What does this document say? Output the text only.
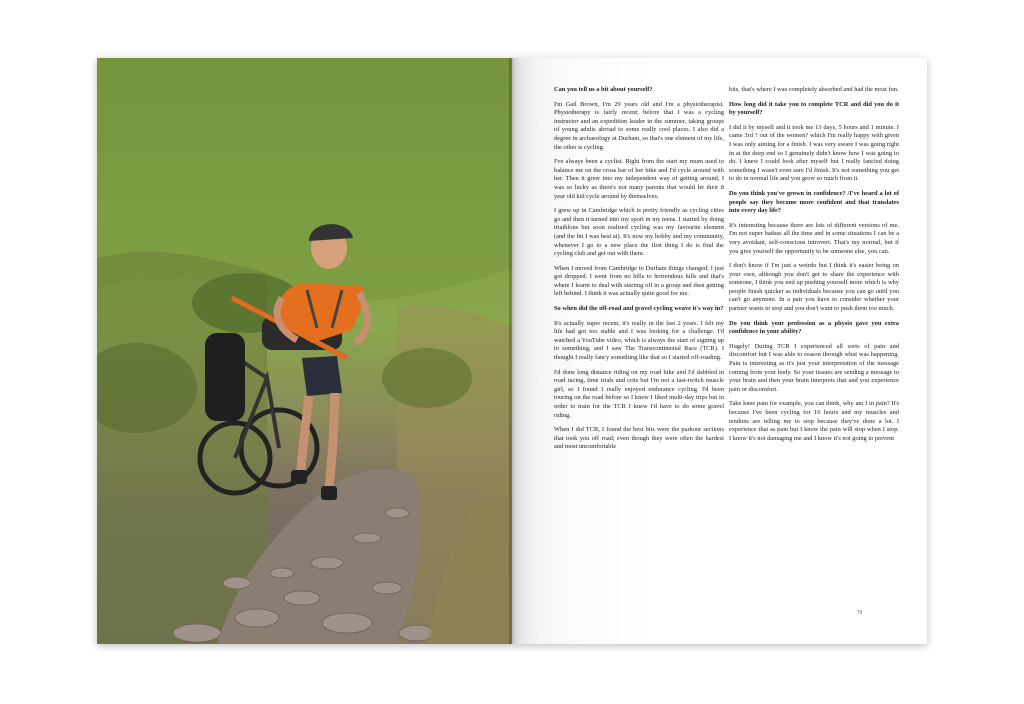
Can you tell us a bit about yourself?

I'm Gail Brown, I'm 29 years old and I'm a physiotherapist. Physiotherapy is fairly recent; before that I was a cycling instructor and an expedition leader in the summer, taking groups of young adults abroad to some really cool places. I also did a degree in archaeology at Durham, so that's one element of my life, the other is cycling.

I've always been a cyclist. Right from the start my mum used to balance me on the cross bar of her bike and I'd cycle around with her. Then it grew into my independent way of getting around, I was so lucky as there's not many parents that would let their 8 year old kid cycle around by themselves.

I grew up in Cambridge which is pretty friendly as cycling cities go and then it turned into my sport in my teens. I started by doing triathlons but soon realised cycling was my favourite element (and the bit I was best at). It's now my hobby and my community, whenever I go to a new place the first thing I do is find the cycling club and get out with them.

When I moved from Cambridge to Durham things changed; I just got dropped. I went from no hills to horrendous hills and that's where I learnt to deal with starting off in a group and then getting left behind. I think it was actually quite good for me.

So when did the off-road and gravel cycling weave it's way in?

It's actually super recent, it's really in the last 2 years. I felt my life had got too stable and I was looking for a challenge. I'd watched a YouTube video, which is always the start of signing up to something, and I saw The Transcontinental Race (TCR). I thought I really fancy something like that so I started off-roading.

I'd done long distance riding on my road bike and I'd dabbled in road racing, time trials and crits but I'm not a fast-twitch muscle girl, so I found I really enjoyed endurance cycling. I'd been touring on the road before so I knew I liked multi-day trips but in order to train for the TCR I knew I'd have to do some gravel riding.

When I did TCR, I found the best bits were the parkour sections that took you off road; even though they were often the hardest and most uncomfortable

bits, that's where I was completely absorbed and had the most fun.

How long did it take you to complete TCR and did you do it by yourself?

I did it by myself and it took me 13 days, 5 hours and 1 minute. I came 3rd ? out of the women? which I'm really happy with given I was only aiming for a finish. I was very aware I was going right in at the deep end so I genuinely didn't know how I was going to do. I knew I could look after myself but I really fancied doing something I wasn't even sure I'd finish. It's not something you get to do in normal life and you grow so much from it.

Do you think you've grown in confidence? /I've heard a lot of people say they become more confident and that translates into every day life?

It's interesting because there are lots of different versions of me. I'm not super badass all the time and in some situations I can be a very avoidant, self-conscious introvert. That's my normal, but if you give yourself the opportunity to be someone else, you can.

I don't know if I'm just a weirdo but I think it's easier being on your own, although you don't get to share the experience with someone, I think you end up pushing yourself more which is why people finish quicker as individuals because you can go until you can't go anymore. In a pair you have to consider whether your partner wants to stop and you don't want to push them too much.

Do you think your profession as a physio gave you extra confidence in your ability?

Hugely! During TCR I experienced all sorts of pain and discomfort but I was able to reason through what was happening. Pain is interesting as it's just your interpretation of the message coming from your body. So your tissues are sending a message to your brain and then your brain interprets that and you experience pain or discomfort.

Take knee pain for example, you can think, why am I in pain? It's because I've been cycling for 16 hours and my muscles and tendons are telling me to stop because they've done a lot. I experience that as pain but I know the pain will stop when I stop. I know it's not damaging me and I know it's not going to prevent

79
